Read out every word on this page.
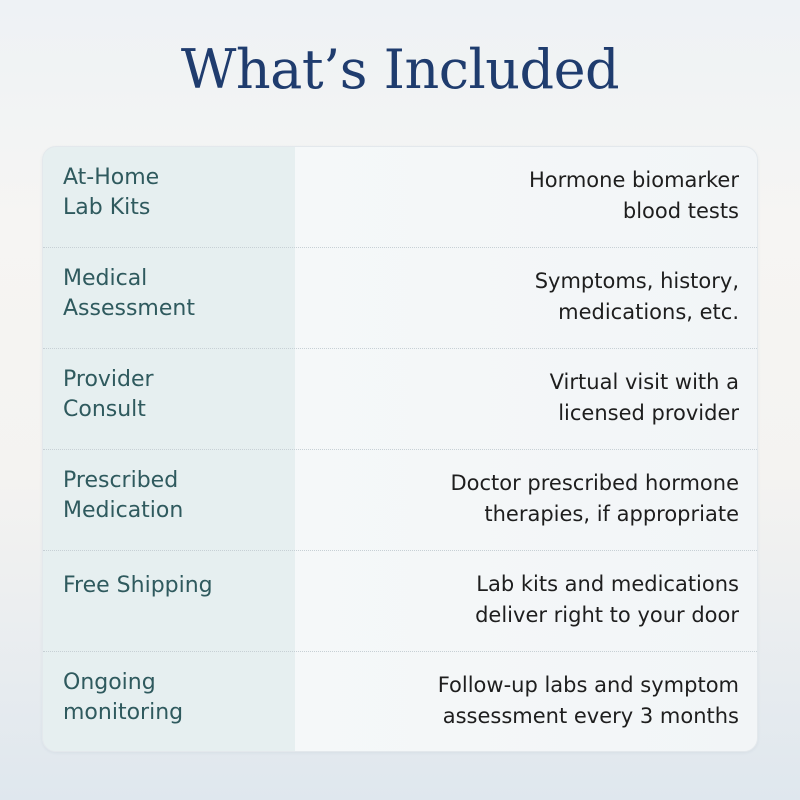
What’s Included
At-Home
Lab Kits
Hormone biomarker
blood tests
Medical
Assessment
Symptoms, history,
medications, etc.
Provider
Consult
Virtual visit with a
licensed provider
Prescribed
Medication
Doctor prescribed hormone
therapies, if appropriate
Free Shipping	Lab kits and medications
deliver right to your door
Ongoing
monitoring
Follow-up labs and symptom
assessment every 3 months
